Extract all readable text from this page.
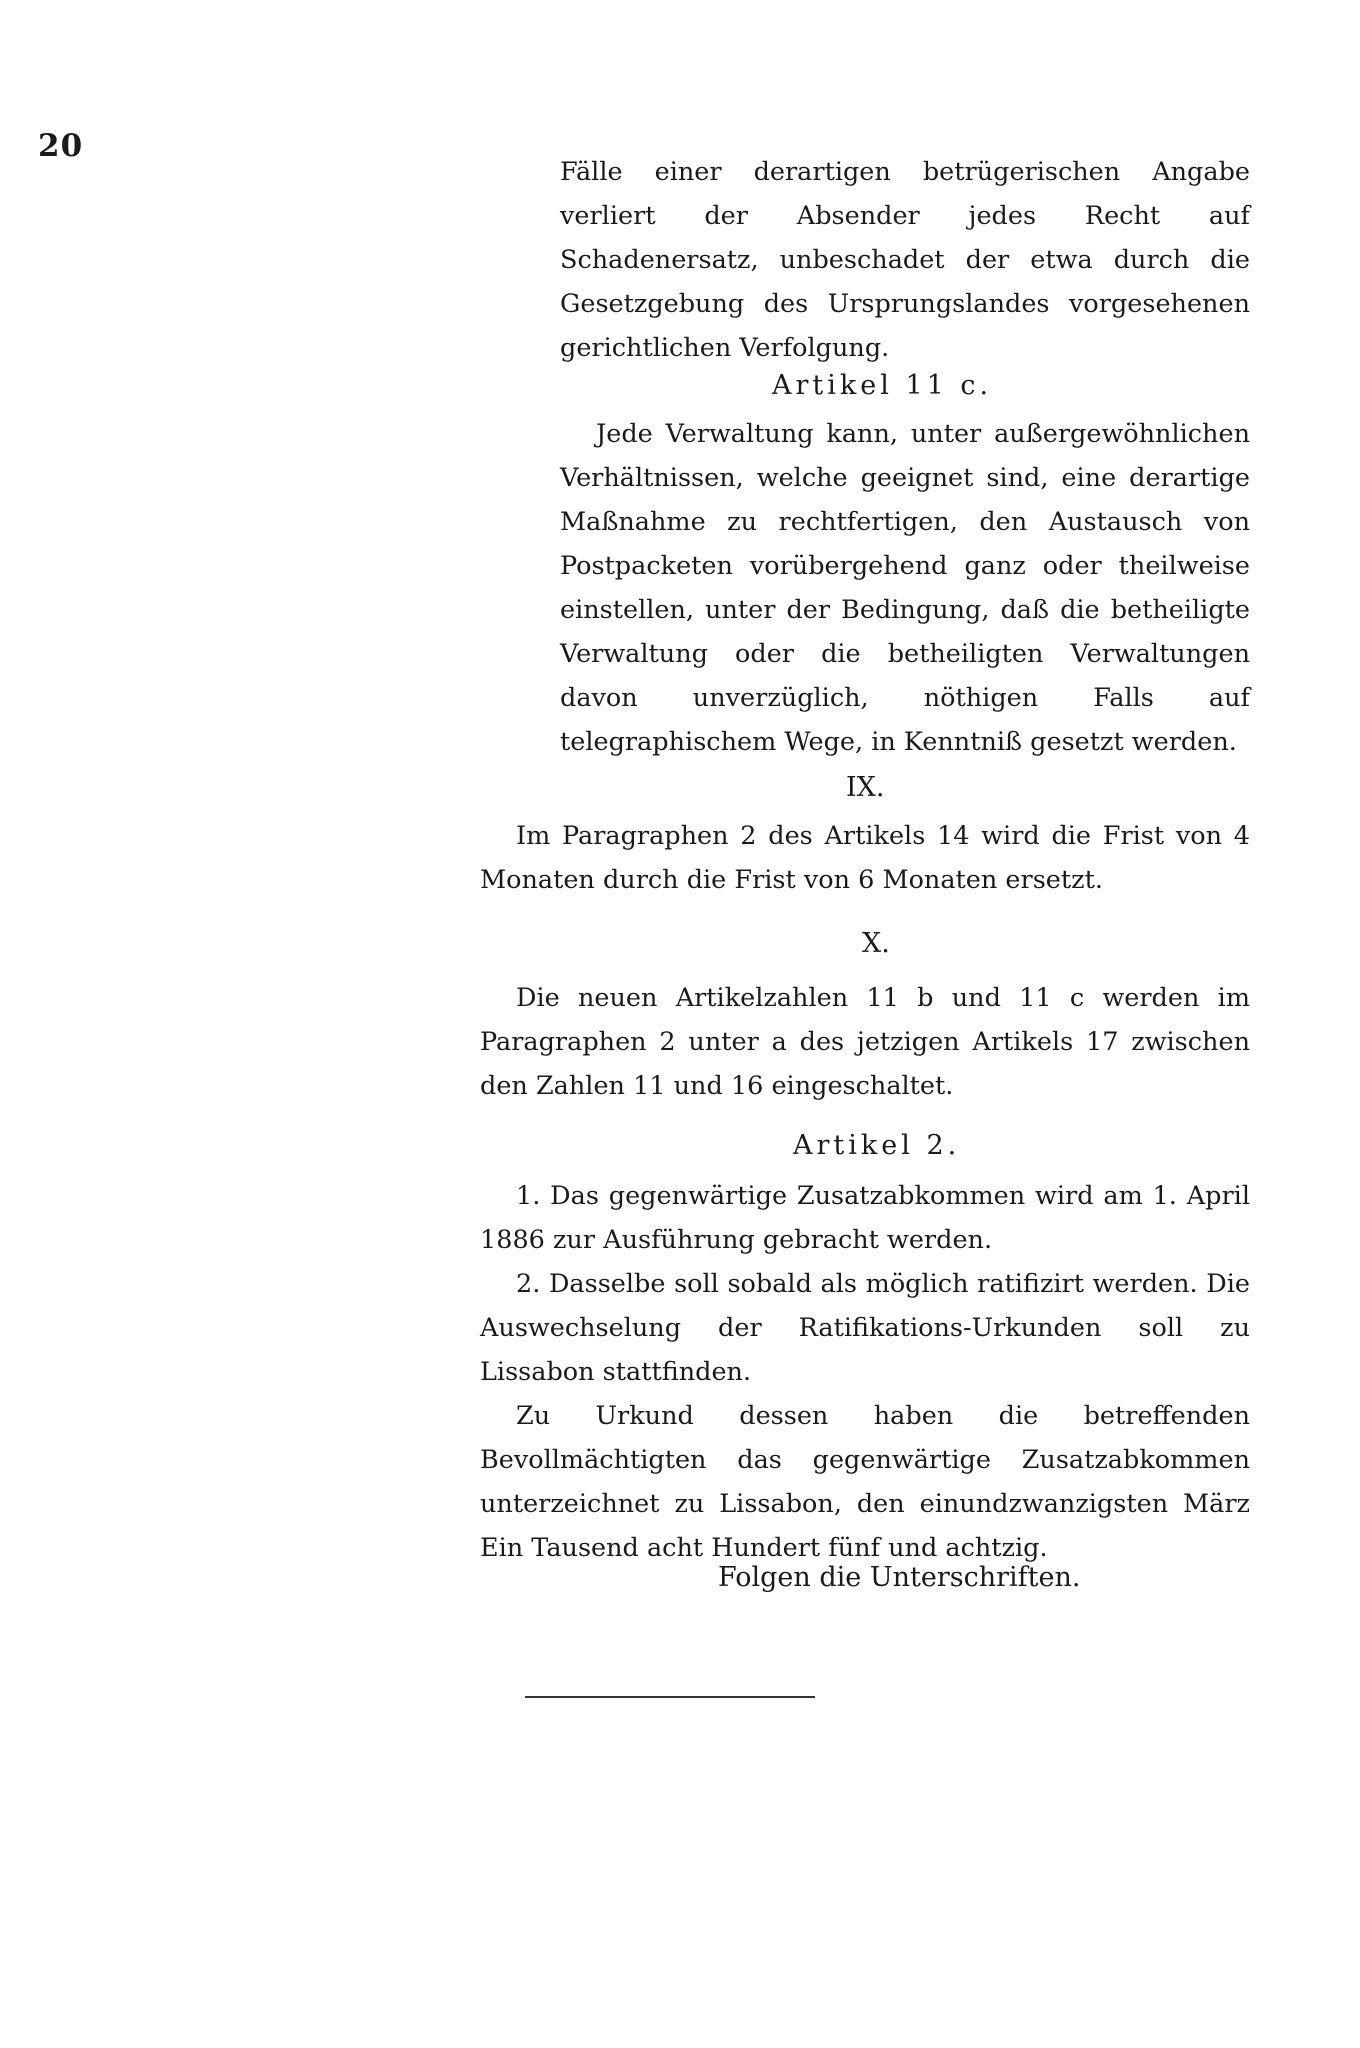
20

Fälle einer derartigen betrügerischen Angabe verliert der Absender jedes Recht auf Schadenersatz, unbeschadet der etwa durch die Gesetzgebung des Ursprungslandes vorgesehenen gerichtlichen Verfolgung.

Artikel 11 c.

Jede Verwaltung kann, unter außergewöhnlichen Verhältnissen, welche geeignet sind, eine derartige Maßnahme zu rechtfertigen, den Austausch von Postpacketen vorübergehend ganz oder theilweise einstellen, unter der Bedingung, daß die betheiligte Verwaltung oder die betheiligten Verwaltungen davon unverzüglich, nöthigen Falls auf telegraphischem Wege, in Kenntniß gesetzt werden.

IX.

Im Paragraphen 2 des Artikels 14 wird die Frist von 4 Monaten durch die Frist von 6 Monaten ersetzt.

X.

Die neuen Artikelzahlen 11 b und 11 c werden im Paragraphen 2 unter a des jetzigen Artikels 17 zwischen den Zahlen 11 und 16 eingeschaltet.

Artikel 2.

1. Das gegenwärtige Zusatzabkommen wird am 1. April 1886 zur Ausführung gebracht werden.

2. Dasselbe soll sobald als möglich ratifizirt werden. Die Auswechselung der Ratifikations-Urkunden soll zu Lissabon stattfinden.

Zu Urkund dessen haben die betreffenden Bevollmächtigten das gegenwärtige Zusatzabkommen unterzeichnet zu Lissabon, den einundzwanzigsten März Ein Tausend acht Hundert fünf und achtzig.

Folgen die Unterschriften.
